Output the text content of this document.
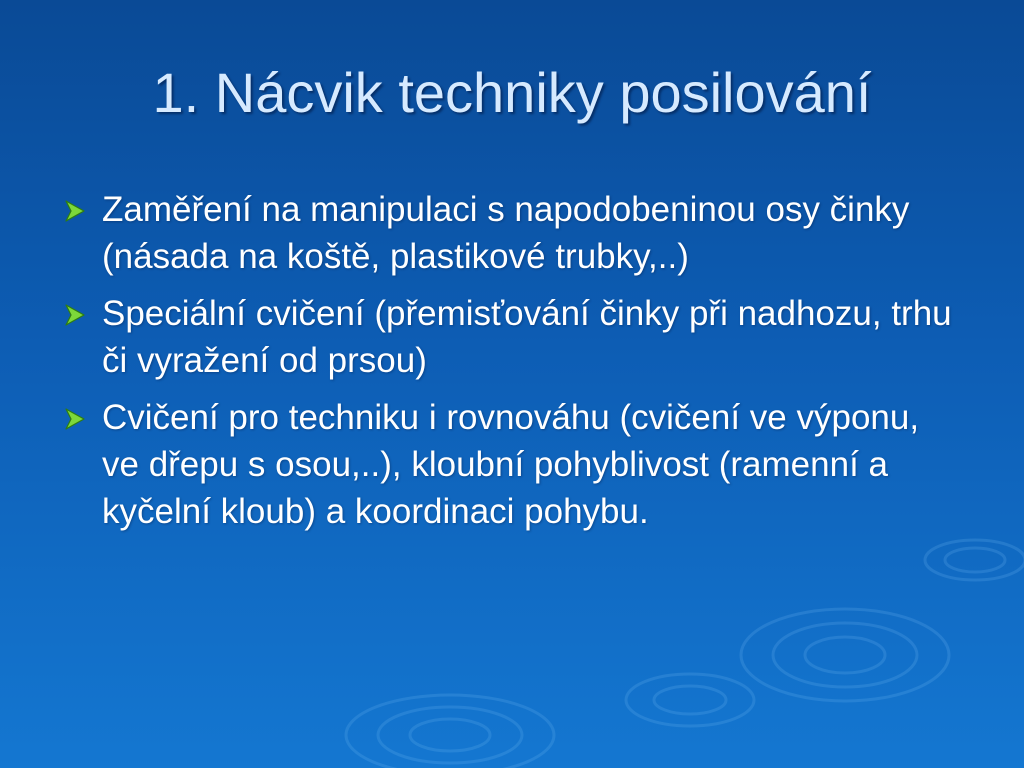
1. Nácvik techniky posilování
Zaměření na manipulaci s napodobeninou osy činky (násada na koště, plastikové trubky,..)
Speciální cvičení (přemisťování činky při nadhozu, trhu či vyražení od prsou)
Cvičení pro techniku i rovnováhu (cvičení ve výponu, ve dřepu s osou,..), kloubní pohyblivost (ramenní a kyčelní kloub) a koordinaci pohybu.
